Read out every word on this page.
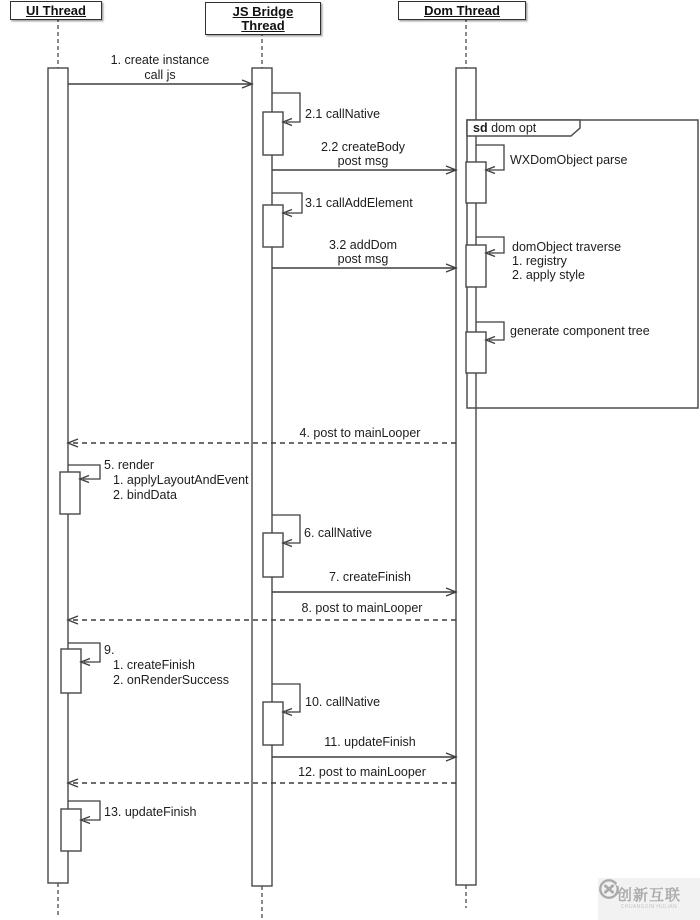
UI Thread	JS Bridge
Thread
Dom Thread
sd dom opt
1. create instance
call js
2.1 callNative
2.2 createBody
post msg	WXDomObject parse
3.1 callAddElement
3.2 addDom
post msg
domObject traverse
1. registry
2. apply style
generate component tree
4. post to mainLooper
5. render
1. applyLayoutAndEvent
2. bindData
6. callNative
7. createFinish
8. post to mainLooper
9.
1. createFinish
2. onRenderSuccess
10. callNative
11. updateFinish
12. post to mainLooper
13. updateFinish
创新互联
CHUANGXIN HULIAN
